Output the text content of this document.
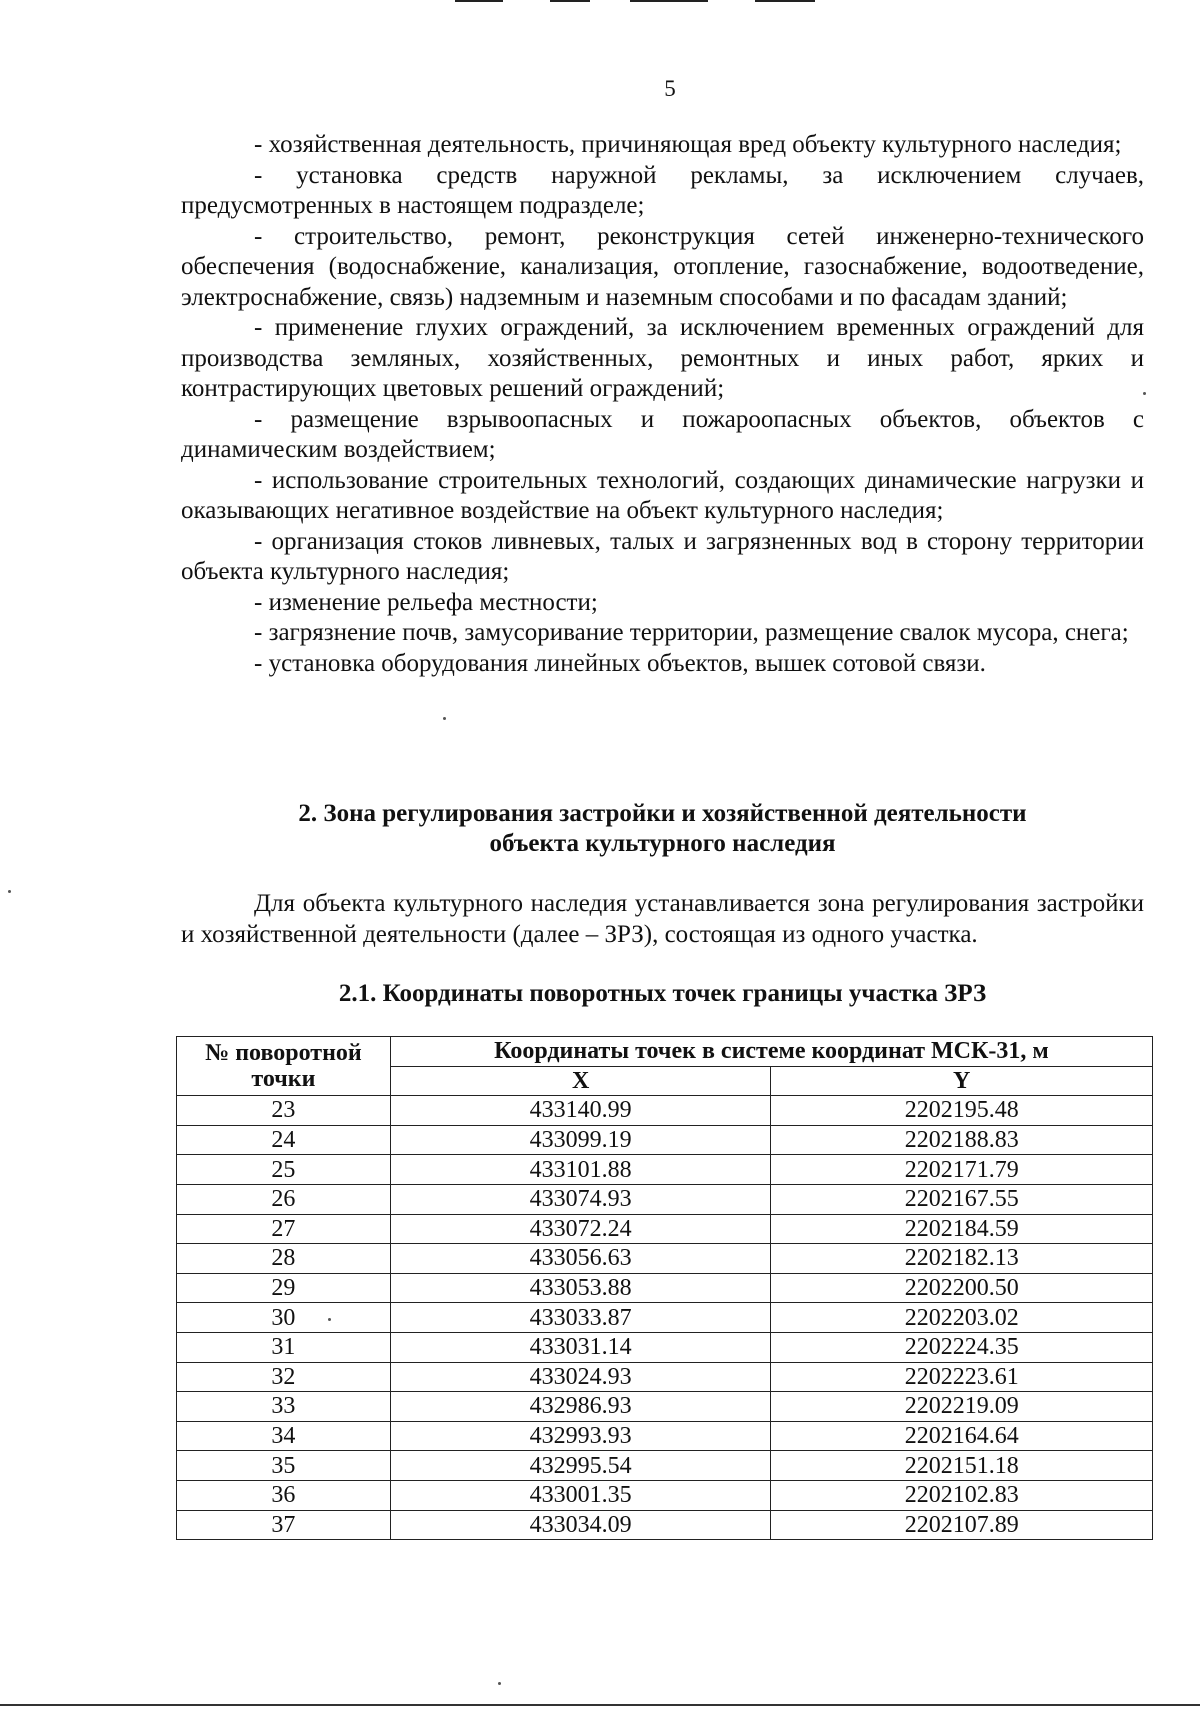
5

- хозяйственная деятельность, причиняющая вред объекту культурного наследия;

- установка средств наружной рекламы, за исключением случаев, предусмотренных в настоящем подразделе;

- строительство, ремонт, реконструкция сетей инженерно-технического обеспечения (водоснабжение, канализация, отопление, газоснабжение, водоотведение, электроснабжение, связь) надземным и наземным способами и по фасадам зданий;

- применение глухих ограждений, за исключением временных ограждений для производства земляных, хозяйственных, ремонтных и иных работ, ярких и контрастирующих цветовых решений ограждений;

- размещение взрывоопасных и пожароопасных объектов, объектов с динамическим воздействием;

- использование строительных технологий, создающих динамические нагрузки и оказывающих негативное воздействие на объект культурного наследия;

- организация стоков ливневых, талых и загрязненных вод в сторону территории объекта культурного наследия;

- изменение рельефа местности;

- загрязнение почв, замусоривание территории, размещение свалок мусора, снега;

- установка оборудования линейных объектов, вышек сотовой связи.

2. Зона регулирования застройки и хозяйственной деятельности
объекта культурного наследия

Для объекта культурного наследия устанавливается зона регулирования застройки и хозяйственной деятельности (далее – ЗРЗ), состоящая из одного участка.

2.1. Координаты поворотных точек границы участка ЗРЗ
№ поворотной
точки	Координаты точек в системе координат МСК-31, м	
	X	Y
23	433140.99	2202195.48
24	433099.19	2202188.83
25	433101.88	2202171.79
26	433074.93	2202167.55
27	433072.24	2202184.59
28	433056.63	2202182.13
29	433053.88	2202200.50
30	433033.87	2202203.02
31	433031.14	2202224.35
32	433024.93	2202223.61
33	432986.93	2202219.09
34	432993.93	2202164.64
35	432995.54	2202151.18
36	433001.35	2202102.83
37	433034.09	2202107.89
